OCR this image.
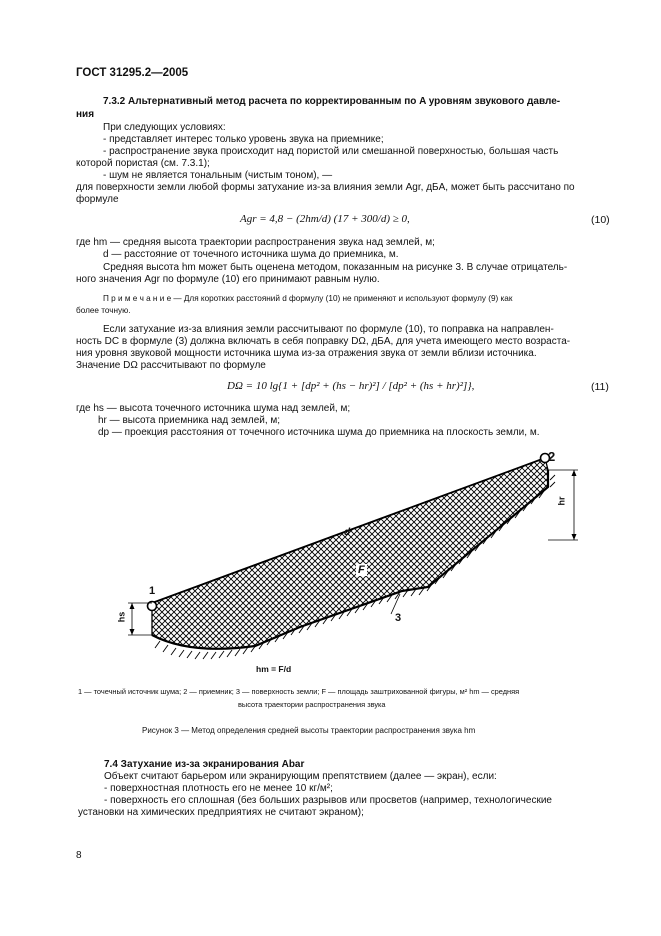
ГОСТ 31295.2—2005
7.3.2 Альтернативный метод расчета по корректированным по A уровням звукового давле-
ния
При следующих условиях:
- представляет интерес только уровень звука на приемнике;
- распространение звука происходит над пористой или смешанной поверхностью, большая часть
которой пористая (см. 7.3.1);
- шум не является тональным (чистым тоном), —
для поверхности земли любой формы затухание из-за влияния земли Agr, дБA, может быть рассчитано по
формуле
Agr = 4,8 − (2hm/d) (17 + 300/d) ≥ 0,	(10)
где hm — средняя высота траектории распространения звука над землей, м;
d — расстояние от точечного источника шума до приемника, м.
Средняя высота hm может быть оценена методом, показанным на рисунке 3. В случае отрицатель-
ного значения Agr по формуле (10) его принимают равным нулю.
П р и м е ч а н и е — Для коротких расстояний d формулу (10) не применяют и используют формулу (9) как
более точную.
Если затухание из-за влияния земли рассчитывают по формуле (10), то поправка на направлен-
ность DC в формуле (3) должна включать в себя поправку DΩ, дБA, для учета имеющего место возраста-
ния уровня звуковой мощности источника шума из-за отражения звука от земли вблизи источника.
Значение DΩ рассчитывают по формуле
DΩ = 10 lg{1 + [dp² + (hs − hr)²] / [dp² + (hs + hr)²]},	(11)
где hs — высота точечного источника шума над землей, м;
hr — высота приемника над землей, м;
dp — проекция расстояния от точечного источника шума до приемника на плоскость земли, м.
1
2
3
d
F
hs
hr
hm = F/d
1 — точечный источник шума; 2 — приемник; 3 — поверхность земли; F — площадь заштрихованной фигуры, м² hm — средняя
высота траектории распространения звука
Рисунок 3 — Метод определения средней высоты траектории распространения звука hm
7.4 Затухание из-за экранирования Abar
Объект считают барьером или экранирующим препятствием (далее — экран), если:
- поверхностная плотность его не менее 10 кг/м²;
- поверхность его сплошная (без больших разрывов или просветов (например, технологические
установки на химических предприятиях не считают экраном);
8
